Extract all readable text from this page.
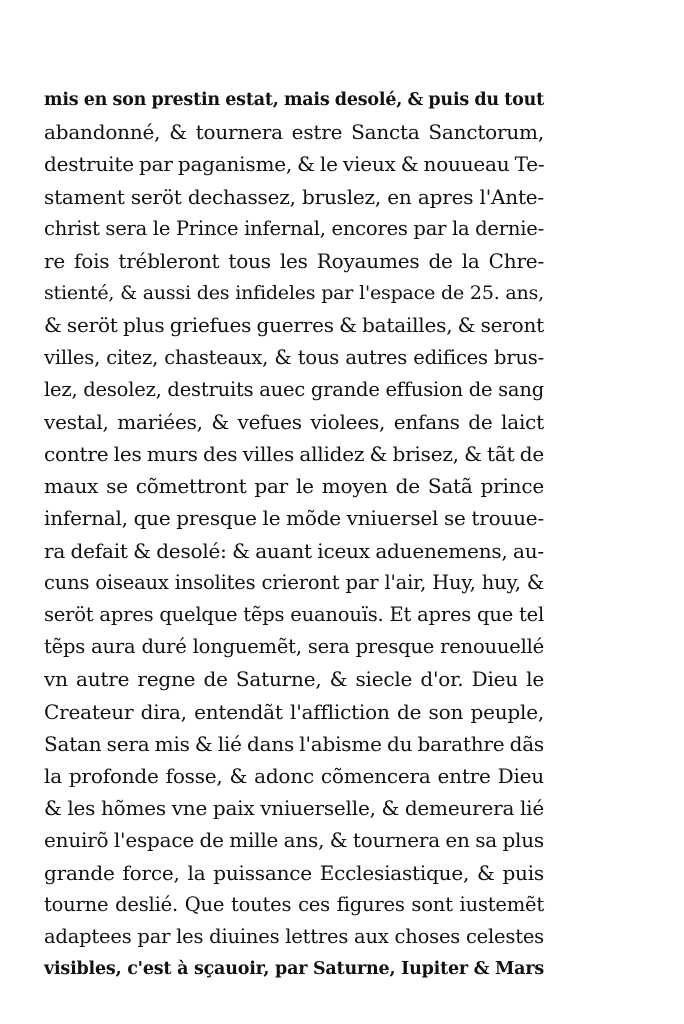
mis en son prestin estat, mais desolé, & puis du tout
abandonné, & tournera estre Sancta Sanctorum,
destruite par paganisme, & le vieux & nouueau Te-
stament seröt dechassez, bruslez, en apres l'Ante-
christ sera le Prince infernal, encores par la dernie-
re fois trébleront tous les Royaumes de la Chre-
stienté, & aussi des infideles par l'espace de 25. ans,
& seröt plus griefues guerres & batailles, & seront
villes, citez, chasteaux, & tous autres edifices brus-
lez, desolez, destruits auec grande effusion de sang
vestal, mariées, & vefues violees, enfans de laict
contre les murs des villes allidez & brisez, & tãt de
maux se cõmettront par le moyen de Satã prince
infernal, que presque le mõde vniuersel se trouue-
ra defait & desolé: & auant iceux aduenemens, au-
cuns oiseaux insolites crieront par l'air, Huy, huy, &
seröt apres quelque tẽps euanouïs. Et apres que tel
tẽps aura duré longuemẽt, sera presque renouuellé
vn autre regne de Saturne, & siecle d'or. Dieu le
Createur dira, entendãt l'affliction de son peuple,
Satan sera mis & lié dans l'abisme du barathre dãs
la profonde fosse, & adonc cõmencera entre Dieu
& les hõmes vne paix vniuerselle, & demeurera lié
enuirõ l'espace de mille ans, & tournera en sa plus
grande force, la puissance Ecclesiastique, & puis
tourne deslié. Que toutes ces figures sont iustemẽt
adaptees par les diuines lettres aux choses celestes
visibles, c'est à sçauoir, par Saturne, Iupiter & Mars
